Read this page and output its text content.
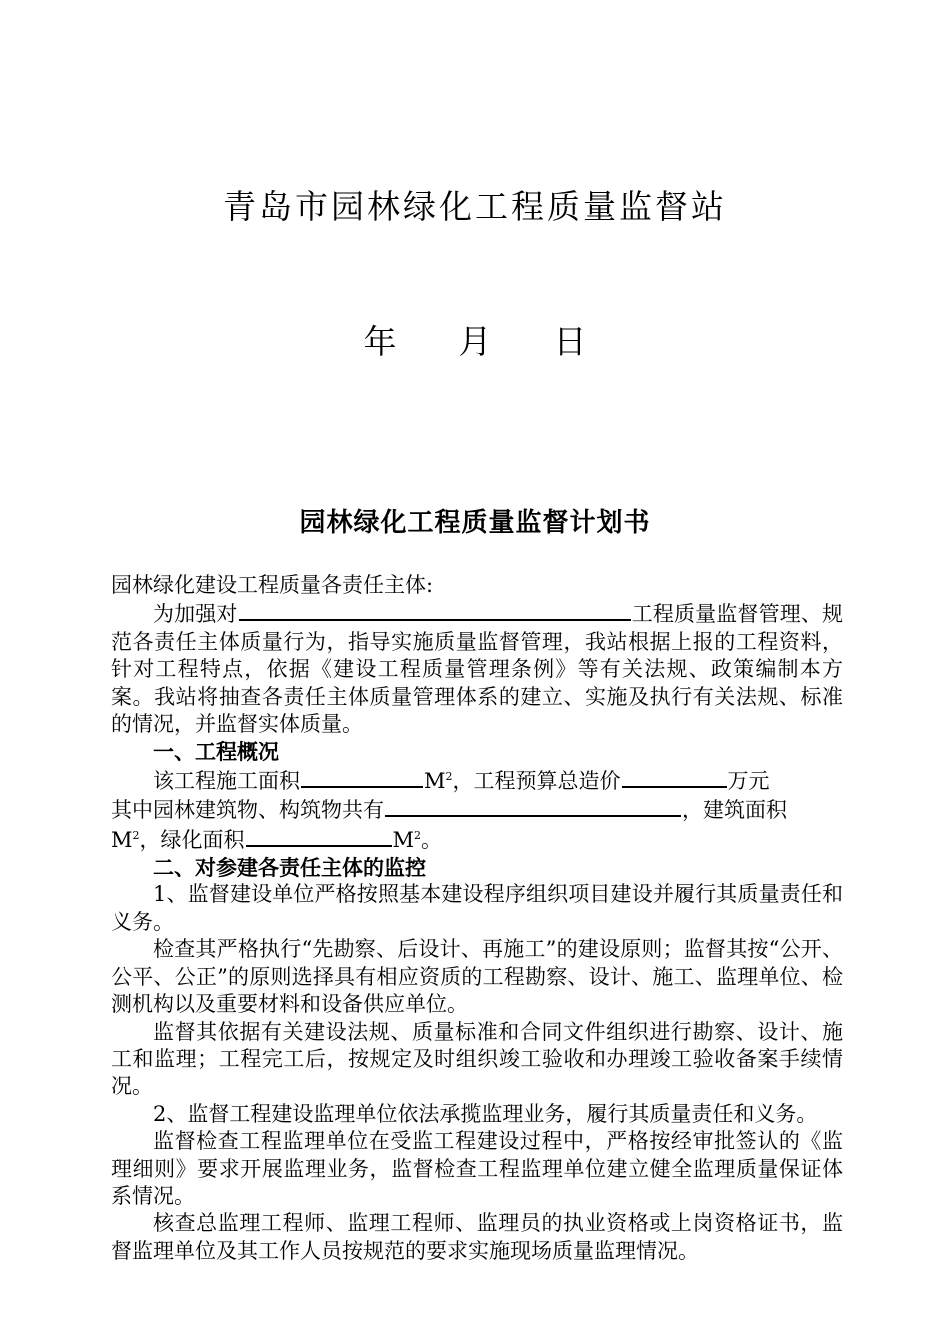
青岛市园林绿化工程质量监督站
年 月 日
园林绿化工程质量监督计划书

园林绿化建设工程质量各责任主体:

为加强对	工程质量监督管理、规范各责任主体质量行为，指导实施质量监督管理，我站根据上报的工程资料，针对工程特点，依据《建设工程质量管理条例》等有关法规、政策编制本方案。我站将抽查各责任主体质量管理体系的建立、实施及执行有关法规、标准的情况，并监督实体质量。

一、工程概况

该工程施工面积	$M^2$，工程预算总造价	万元

其中园林建筑物、构筑物共有	，建筑面积

$M^2$，绿化面积	$M^2$。

二、对参建各责任主体的监控

1、监督建设单位严格按照基本建设程序组织项目建设并履行其质量责任和义务。

检查其严格执行“先勘察、后设计、再施工”的建设原则；监督其按“公开、公平、公正”的原则选择具有相应资质的工程勘察、设计、施工、监理单位、检测机构以及重要材料和设备供应单位。

监督其依据有关建设法规、质量标准和合同文件组织进行勘察、设计、施工和监理；工程完工后，按规定及时组织竣工验收和办理竣工验收备案手续情况。

2、监督工程建设监理单位依法承揽监理业务，履行其质量责任和义务。

监督检查工程监理单位在受监工程建设过程中，严格按经审批签认的《监理细则》要求开展监理业务，监督检查工程监理单位建立健全监理质量保证体系情况。

核查总监理工程师、监理工程师、监理员的执业资格或上岗资格证书，监督监理单位及其工作人员按规范的要求实施现场质量监理情况。
